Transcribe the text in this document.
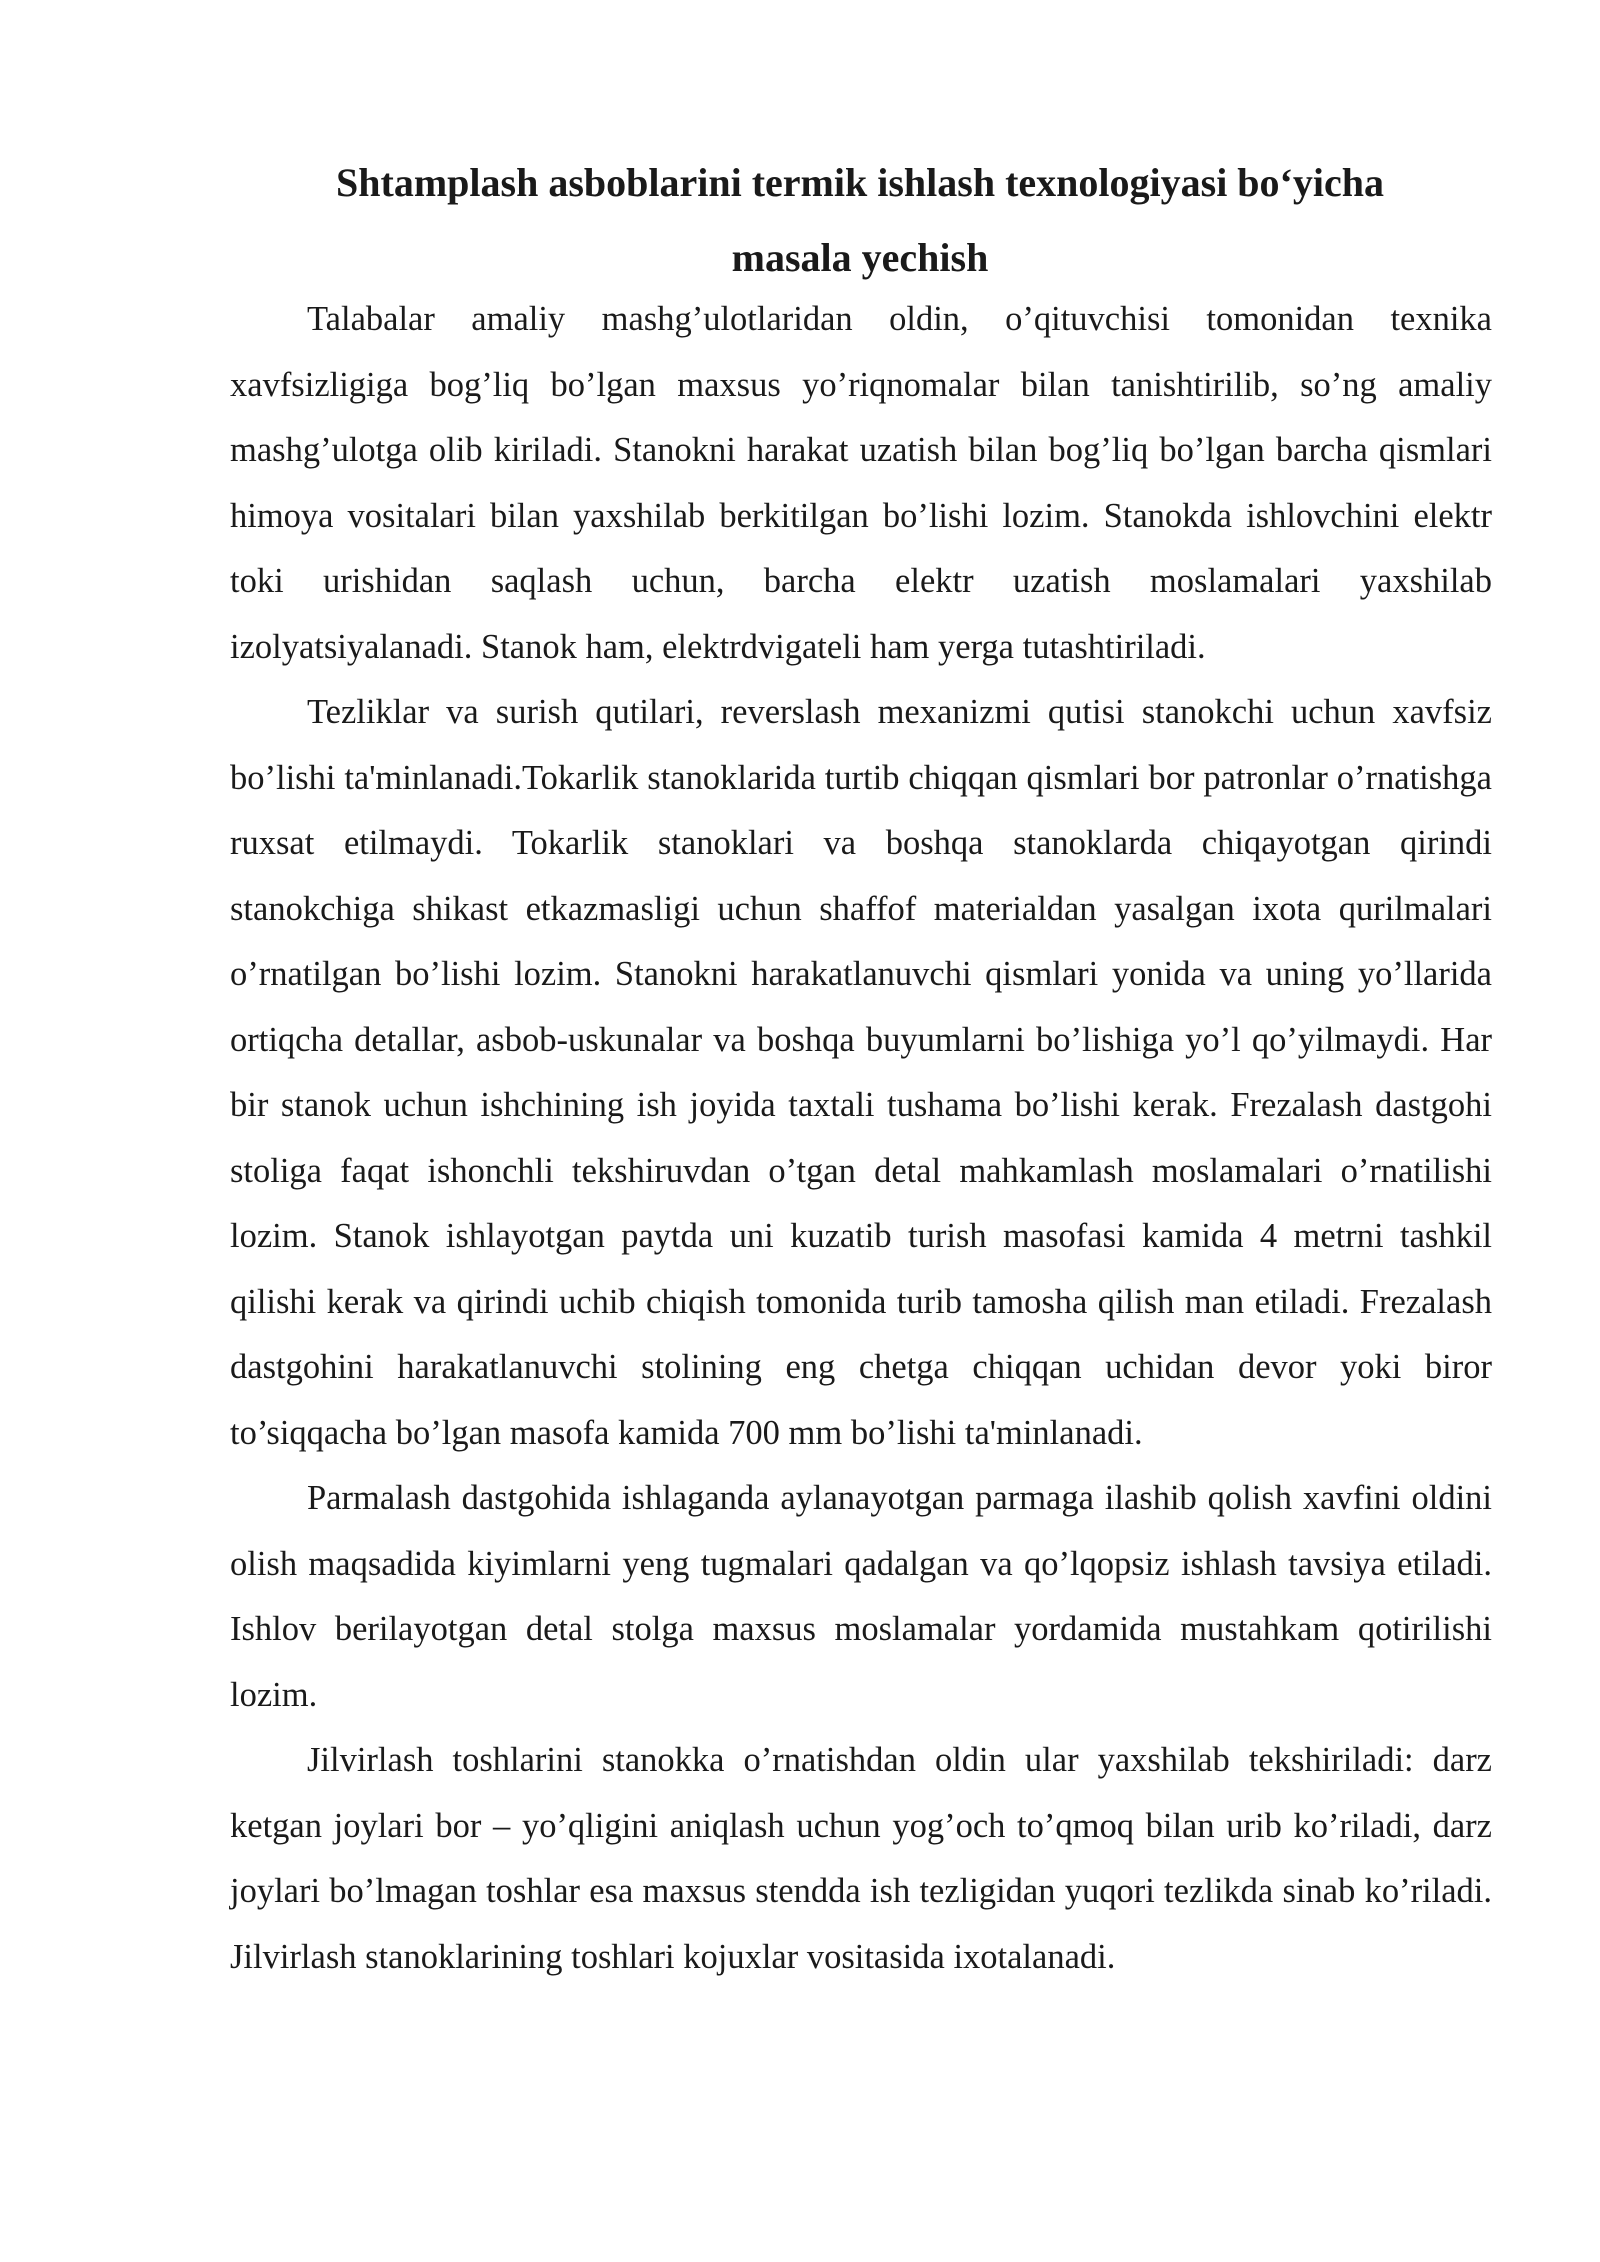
Shtamplash asboblarini termik ishlash texnologiyasi bo‘yicha
masala yechish

Talabalar amaliy mashg’ulotlaridan oldin, o’qituvchisi tomonidan texnika xavfsizligiga bog’liq bo’lgan maxsus yo’riqnomalar bilan tanishtirilib, so’ng amaliy mashg’ulotga olib kiriladi. Stanokni harakat uzatish bilan bog’liq bo’lgan barcha qismlari himoya vositalari bilan yaxshilab berkitilgan bo’lishi lozim. Stanokda ishlovchini elektr toki urishidan saqlash uchun, barcha elektr uzatish moslamalari yaxshilab izolyatsiyalanadi. Stanok ham, elektrdvigateli ham yerga tutashtiriladi.

Tezliklar va surish qutilari, reverslash mexanizmi qutisi stanokchi uchun xavfsiz bo’lishi ta'minlanadi.Tokarlik stanoklarida turtib chiqqan qismlari bor patronlar o’rnatishga ruxsat etilmaydi. Tokarlik stanoklari va boshqa stanoklarda chiqayotgan qirindi stanokchiga shikast etkazmasligi uchun shaffof materialdan yasalgan ixota qurilmalari o’rnatilgan bo’lishi lozim. Stanokni harakatlanuvchi qismlari yonida va uning yo’llarida ortiqcha detallar, asbob-uskunalar va boshqa buyumlarni bo’lishiga yo’l qo’yilmaydi. Har bir stanok uchun ishchining ish joyida taxtali tushama bo’lishi kerak. Frezalash dastgohi stoliga faqat ishonchli tekshiruvdan o’tgan detal mahkamlash moslamalari o’rnatilishi lozim. Stanok ishlayotgan paytda uni kuzatib turish masofasi kamida 4 metrni tashkil qilishi kerak va qirindi uchib chiqish tomonida turib tamosha qilish man etiladi. Frezalash dastgohini harakatlanuvchi stolining eng chetga chiqqan uchidan devor yoki biror to’siqqacha bo’lgan masofa kamida 700 mm bo’lishi ta'minlanadi.

Parmalash dastgohida ishlaganda aylanayotgan parmaga ilashib qolish xavfini oldini olish maqsadida kiyimlarni yeng tugmalari qadalgan va qo’lqopsiz ishlash tavsiya etiladi. Ishlov berilayotgan detal stolga maxsus moslamalar yordamida mustahkam qotirilishi lozim.

Jilvirlash toshlarini stanokka o’rnatishdan oldin ular yaxshilab tekshiriladi: darz ketgan joylari bor – yo’qligini aniqlash uchun yog’och to’qmoq bilan urib ko’riladi, darz joylari bo’lmagan toshlar esa maxsus stendda ish tezligidan yuqori tezlikda sinab ko’riladi. Jilvirlash stanoklarining toshlari kojuxlar vositasida ixotalanadi.
